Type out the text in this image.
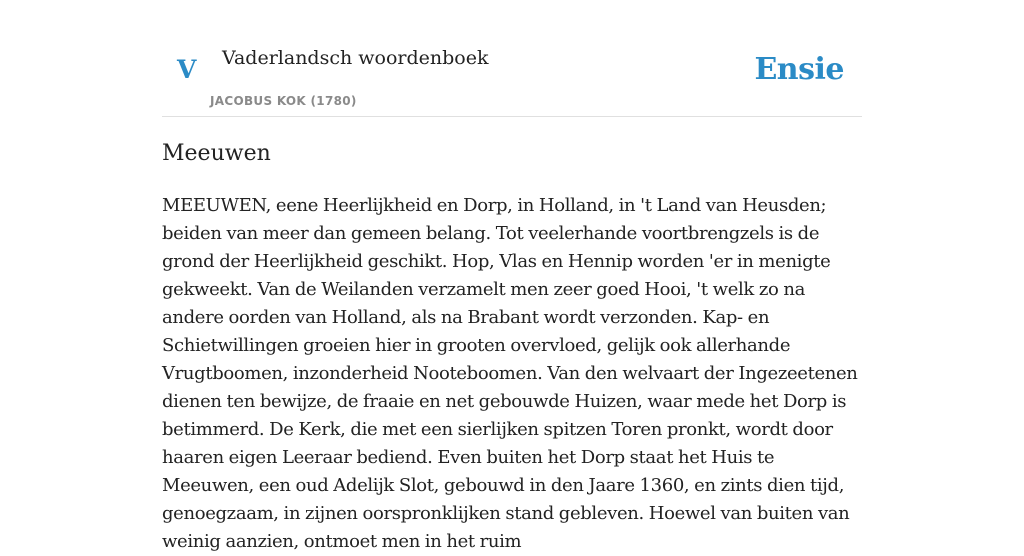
V Vaderlandsch woordenboek
JACOBUS KOK (1780)
Ensie
Meeuwen

MEEUWEN, eene Heerlijkheid en Dorp, in Holland, in 't Land van Heusden; beiden van meer dan gemeen belang. Tot veelerhande voortbrengzels is de grond der Heerlijkheid geschikt. Hop, Vlas en Hennip worden 'er in menigte gekweekt. Van de Weilanden verzamelt men zeer goed Hooi, 't welk zo na andere oorden van Holland, als na Brabant wordt verzonden. Kap- en Schietwillingen groeien hier in grooten overvloed, gelijk ook allerhande Vrugtboomen, inzonderheid Nooteboomen. Van den welvaart der Ingezeetenen dienen ten bewijze, de fraaie en net gebouwde Huizen, waar mede het Dorp is betimmerd. De Kerk, die met een sierlijken spitzen Toren pronkt, wordt door haaren eigen Leeraar bediend. Even buiten het Dorp staat het Huis te Meeuwen, een oud Adelijk Slot, gebouwd in den Jaare 1360, en zints dien tijd, genoegzaam, in zijnen oorspronklijken stand gebleven. Hoewel van buiten van weinig aanzien, ontmoet men in het ruim
